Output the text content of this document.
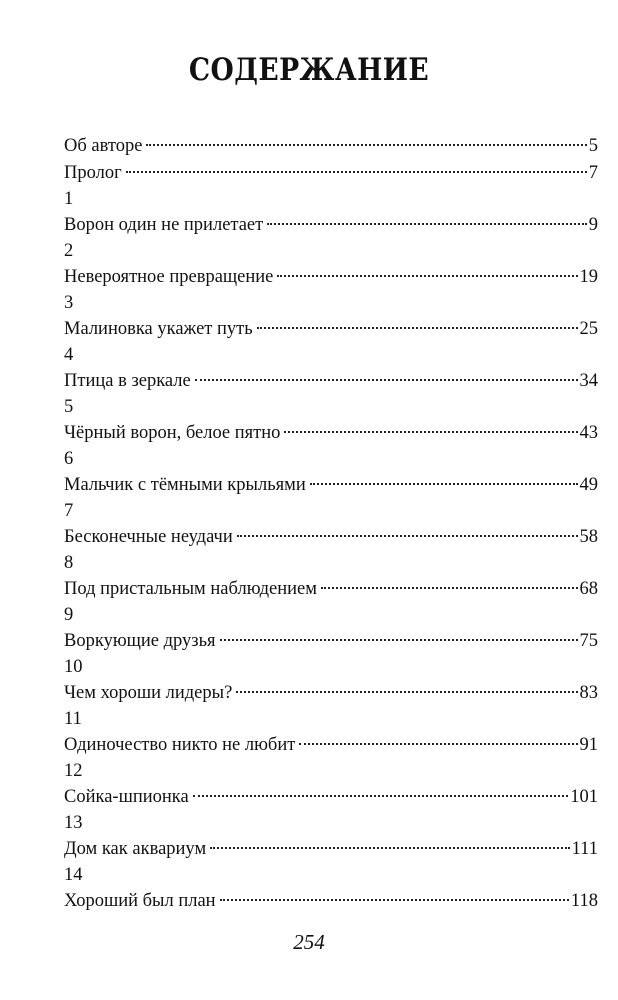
СОДЕРЖАНИЕ
Об авторе	5
Пролог	7
1
Ворон один не прилетает	9
2
Невероятное превращение	19
3
Малиновка укажет путь	25
4
Птица в зеркале	34
5
Чёрный ворон, белое пятно	43
6
Мальчик с тёмными крыльями	49
7
Бесконечные неудачи	58
8
Под пристальным наблюдением	68
9
Воркующие друзья	75
10
Чем хороши лидеры?	83
11
Одиночество никто не любит	91
12
Сойка-шпионка	101
13
Дом как аквариум	111
14
Хороший был план	118
254
